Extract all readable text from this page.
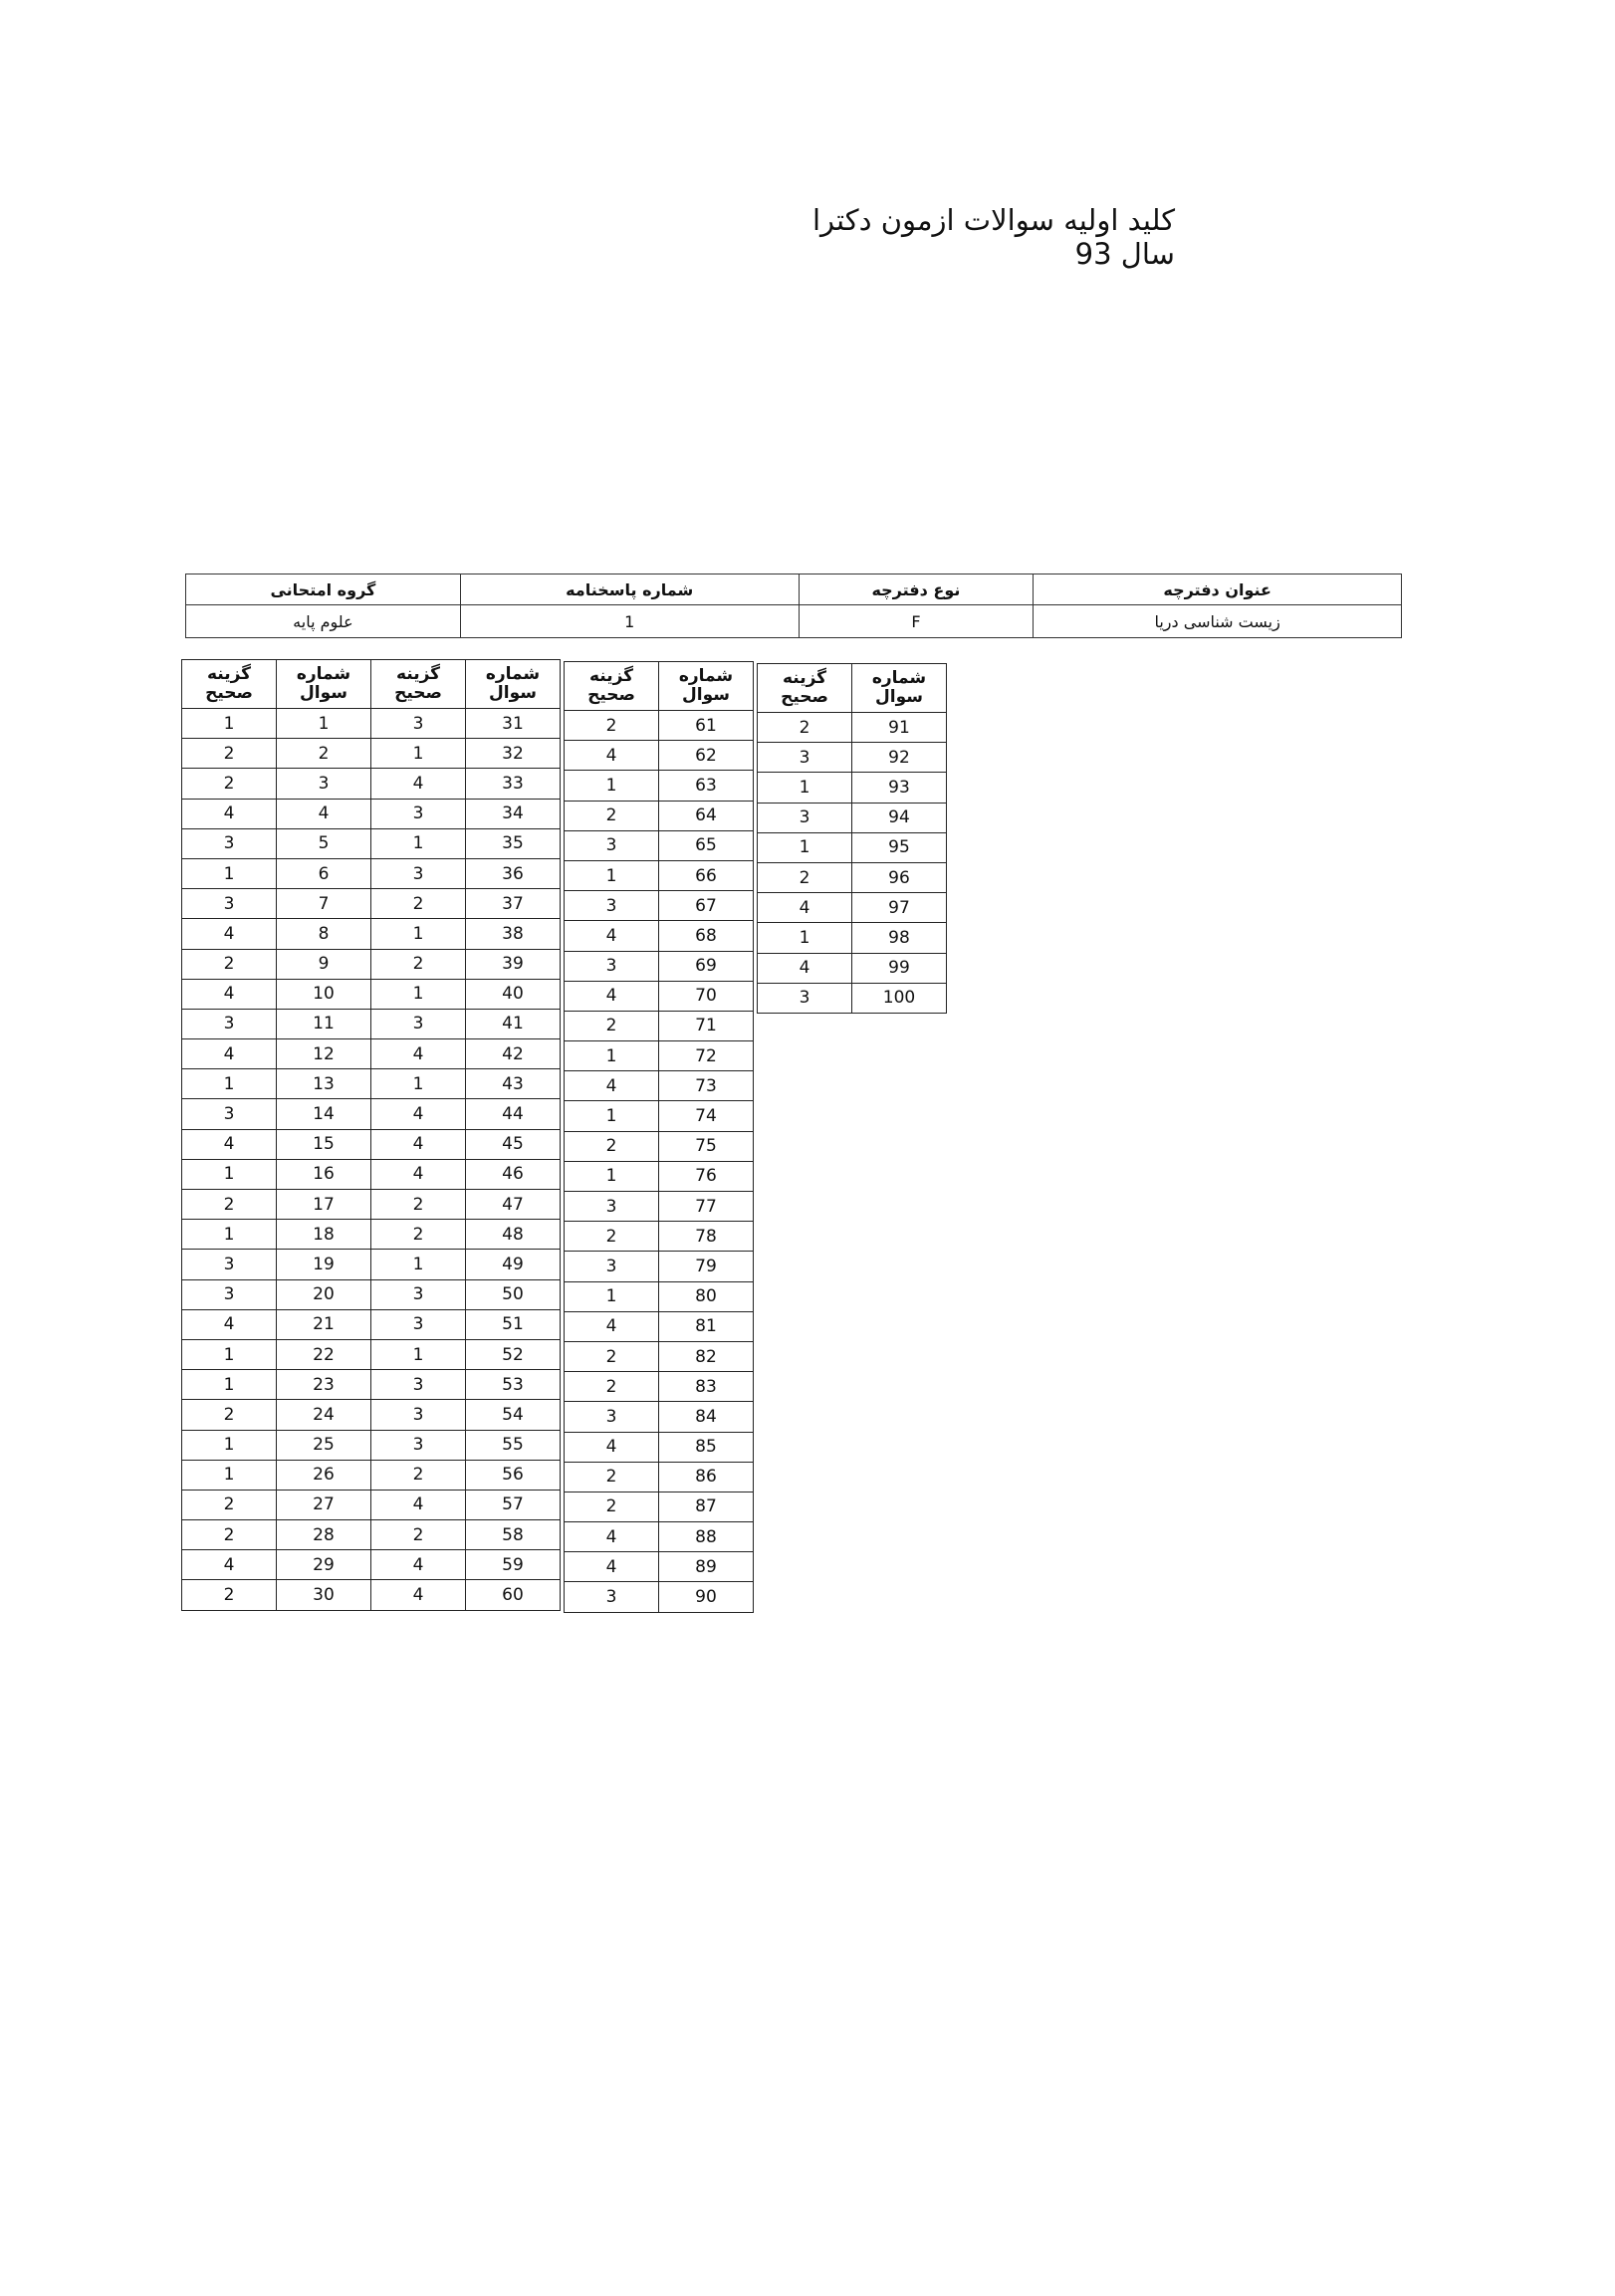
کلید اولیه سوالات ازمون دکترا سال 93
عنوان دفترچه	نوع دفترچه	شماره پاسخنامه	گروه امتحانی
زیست شناسی دریا	F	1	علوم پایه
شماره سوال	گزینه صحیح
1	1
2	2
3	2
4	4
5	3
6	1
7	3
8	4
9	2
10	4
11	3
12	4
13	1
14	3
15	4
16	1
17	2
18	1
19	3
20	3
21	4
22	1
23	1
24	2
25	1
26	1
27	2
28	2
29	4
30	2
شماره سوال	گزینه صحیح
31	3
32	1
33	4
34	3
35	1
36	3
37	2
38	1
39	2
40	1
41	3
42	4
43	1
44	4
45	4
46	4
47	2
48	2
49	1
50	3
51	3
52	1
53	3
54	3
55	3
56	2
57	4
58	2
59	4
60	4
شماره سوال	گزینه صحیح
61	2
62	4
63	1
64	2
65	3
66	1
67	3
68	4
69	3
70	4
71	2
72	1
73	4
74	1
75	2
76	1
77	3
78	2
79	3
80	1
81	4
82	2
83	2
84	3
85	4
86	2
87	2
88	4
89	4
90	3
شماره سوال	گزینه صحیح
91	2
92	3
93	1
94	3
95	1
96	2
97	4
98	1
99	4
100	3
